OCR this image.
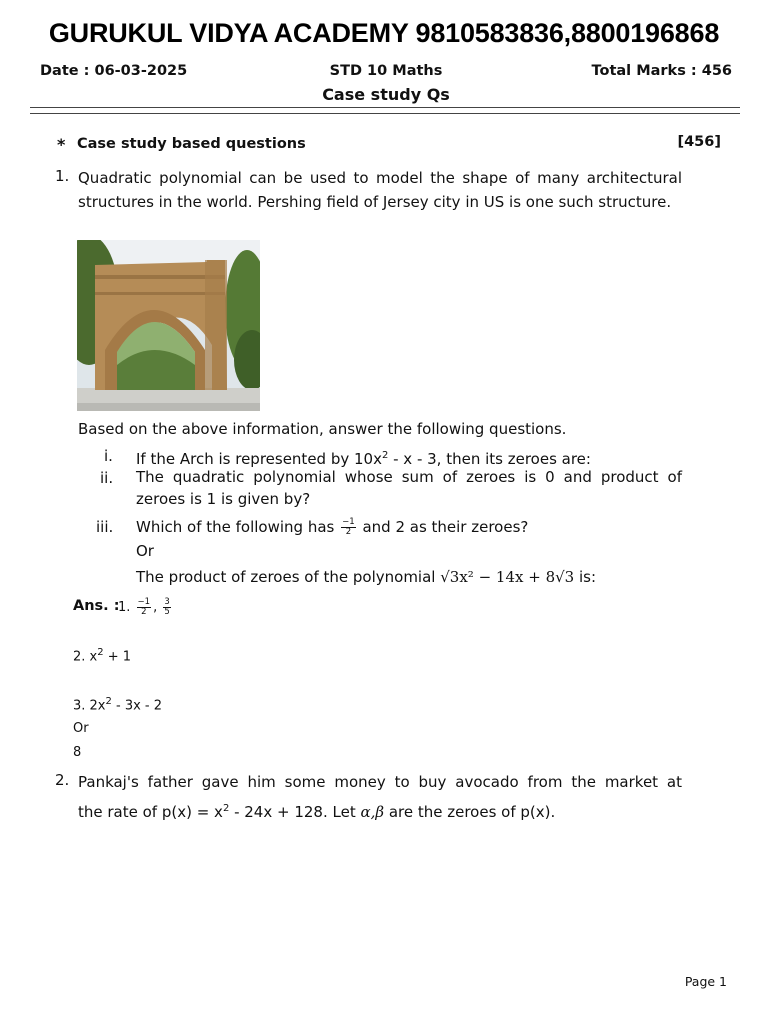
GURUKUL VIDYA ACADEMY 9810583836,8800196868
Date : 06-03-2025	STD 10 Maths	Total Marks : 456
Case study Qs
* Case study based questions	[456]
1. Quadratic polynomial can be used to model the shape of many architectural structures in the world. Pershing field of Jersey city in US is one such structure.
Based on the above information, answer the following questions.
i. If the Arch is represented by $10x^2$ - x - 3, then its zeroes are:
ii. The quadratic polynomial whose sum of zeroes is 0 and product of zeroes is 1 is given by?
iii. Which of the following has $\frac{-1}{2}$ and 2 as their zeroes?
Or
The product of zeroes of the polynomial √3x² − 14x + 8√3 is:
Ans. :
1. $\frac{-1}{2}$ , $\frac{3}{5}$
2. $x^2 + 1$
3. $2x^2 - 3x - 2$
Or
8
2. Pankaj's father gave him some money to buy avocado from the market at
the rate of $p(x) = x^2 - 24x + 128$. Let α,β are the zeroes of p(x).
Page 1
